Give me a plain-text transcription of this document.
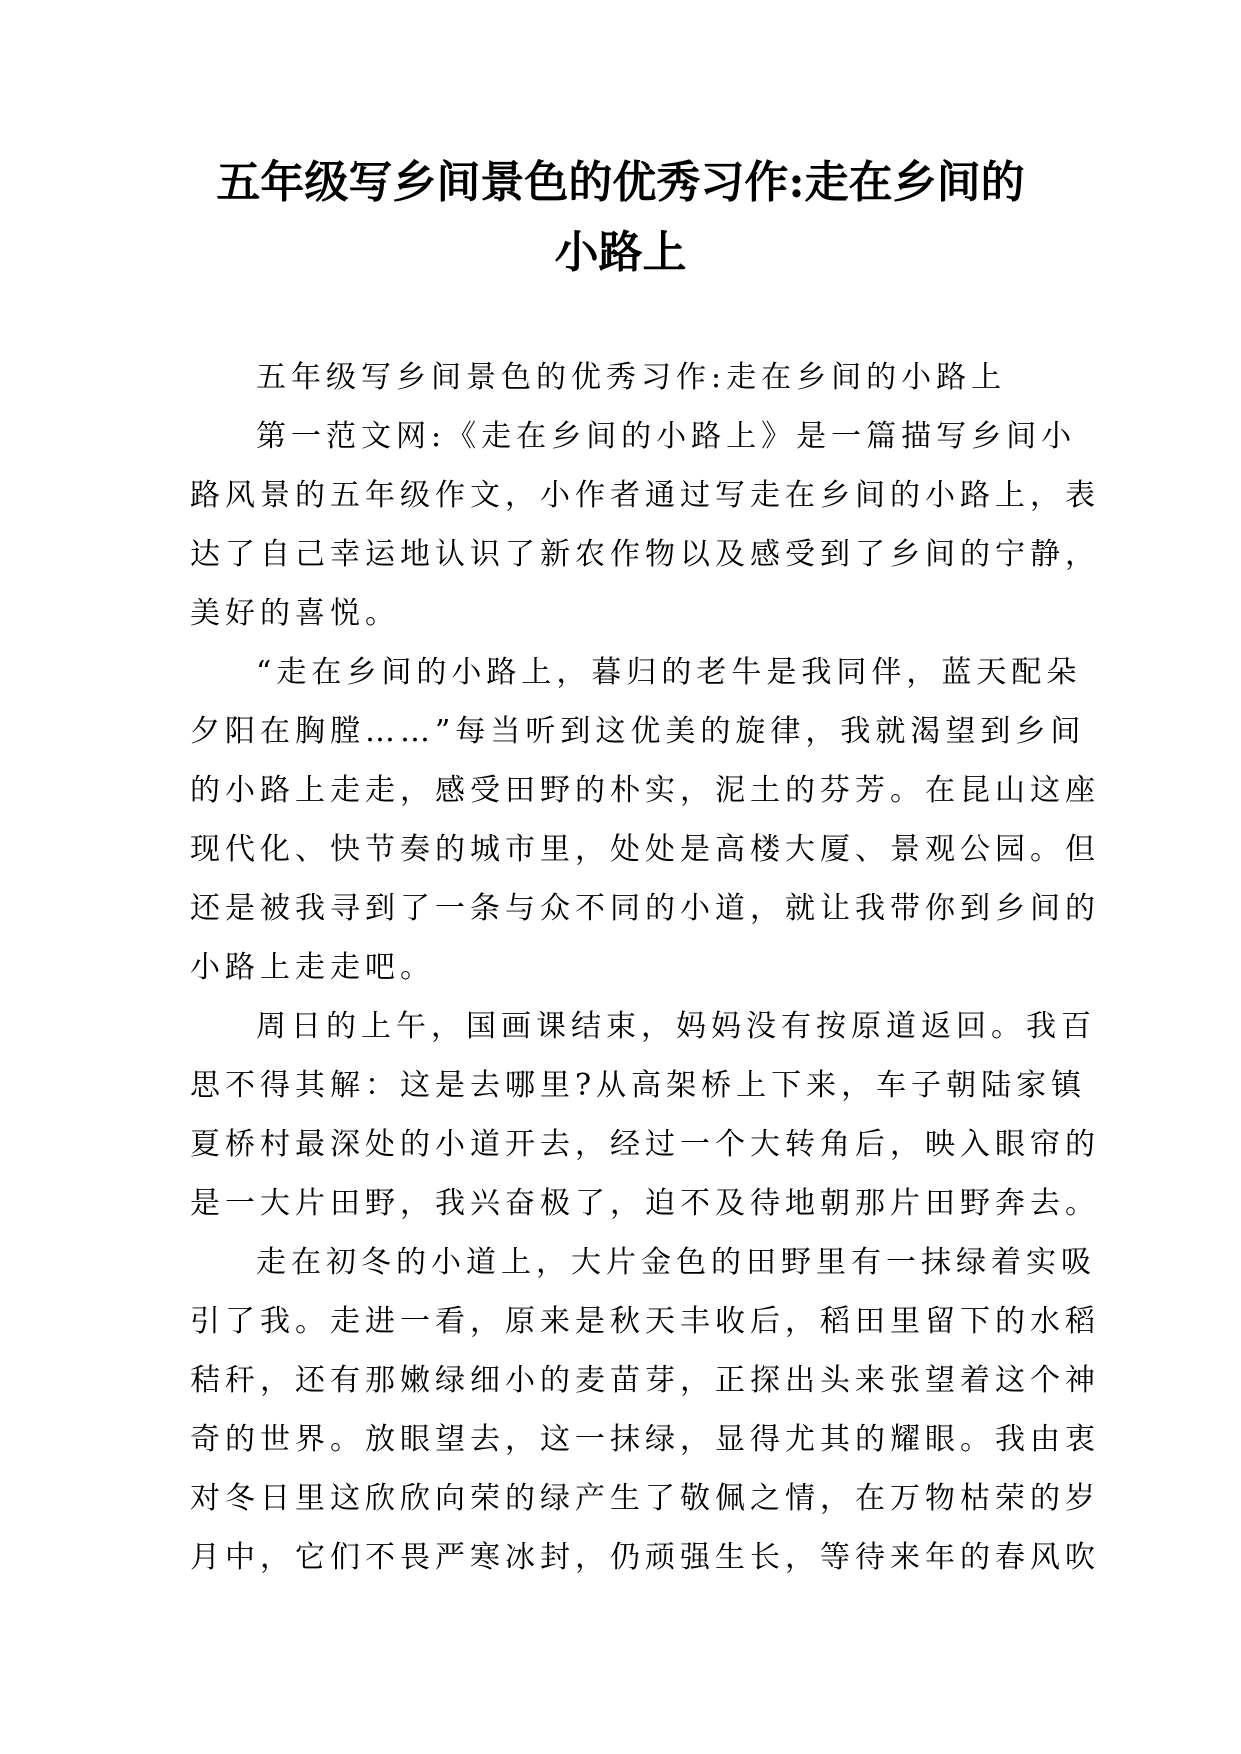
五年级写乡间景色的优秀习作:走在乡间的
小路上
五年级写乡间景色的优秀习作:走在乡间的小路上
第一范文网:《走在乡间的小路上》是一篇描写乡间小
路风景的五年级作文，小作者通过写走在乡间的小路上，表
达了自己幸运地认识了新农作物以及感受到了乡间的宁静，
美好的喜悦。
“走在乡间的小路上，暮归的老牛是我同伴，蓝天配朵
夕阳在胸膛……”每当听到这优美的旋律，我就渴望到乡间
的小路上走走，感受田野的朴实，泥土的芬芳。在昆山这座
现代化、快节奏的城市里，处处是高楼大厦、景观公园。但
还是被我寻到了一条与众不同的小道，就让我带你到乡间的
小路上走走吧。
周日的上午，国画课结束，妈妈没有按原道返回。我百
思不得其解：这是去哪里?从高架桥上下来，车子朝陆家镇
夏桥村最深处的小道开去，经过一个大转角后，映入眼帘的
是一大片田野，我兴奋极了，迫不及待地朝那片田野奔去。
走在初冬的小道上，大片金色的田野里有一抹绿着实吸
引了我。走进一看，原来是秋天丰收后，稻田里留下的水稻
秸秆，还有那嫩绿细小的麦苗芽，正探出头来张望着这个神
奇的世界。放眼望去，这一抹绿，显得尤其的耀眼。我由衷
对冬日里这欣欣向荣的绿产生了敬佩之情，在万物枯荣的岁
月中，它们不畏严寒冰封，仍顽强生长，等待来年的春风吹
